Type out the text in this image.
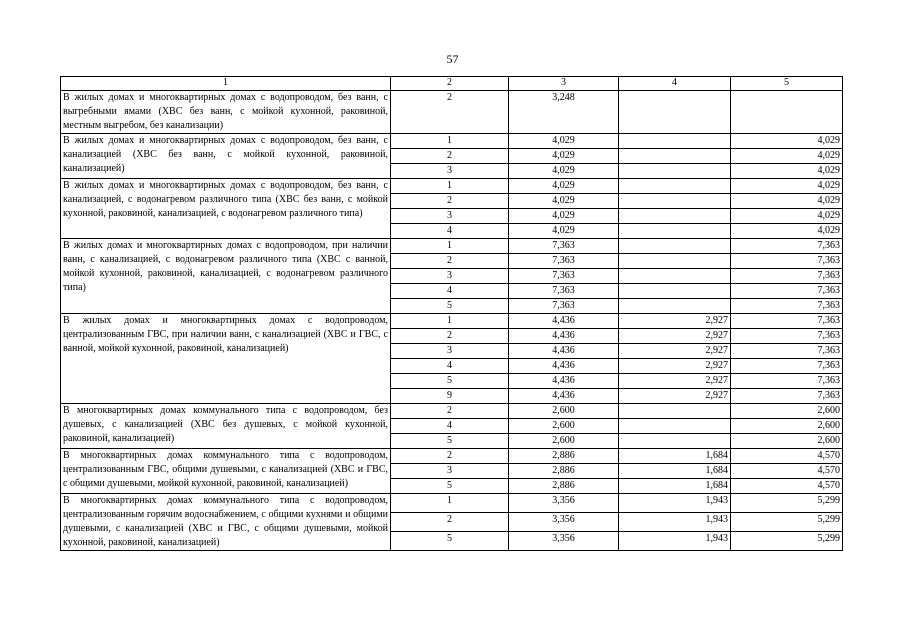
57
1	2	3	4	5
В жилых домах и многоквартирных домах с водопроводом, без ванн, с выгребными ямами (ХВС без ванн, с мойкой кухонной, раковиной, местным выгребом, без канализации)	2	3,248		
В жилых домах и многоквартирных домах с водопроводом, без ванн, с канализацией (ХВС без ванн, с мойкой кухонной, раковиной, канализацией)	1	4,029		4,029
	2	4,029		4,029
	3	4,029		4,029
В жилых домах и многоквартирных домах с водопроводом, без ванн, с канализацией, с водонагревом различного типа (ХВС без ванн, с мойкой кухонной, раковиной, канализацией, с водонагревом различного типа)	1	4,029		4,029
	2	4,029		4,029
	3	4,029		4,029
	4	4,029		4,029
В жилых домах и многоквартирных домах с водопроводом, при наличии ванн, с канализацией, с водонагревом различного типа (ХВС с ванной, мойкой кухонной, раковиной, канализацией, с водонагревом различного типа)	1	7,363		7,363
	2	7,363		7,363
	3	7,363		7,363
	4	7,363		7,363
	5	7,363		7,363
В жилых домах и многоквартирных домах с водопроводом, централизованным ГВС, при наличии ванн, с канализацией (ХВС и ГВС, с ванной, мойкой кухонной, раковиной, канализацией)	1	4,436	2,927	7,363
	2	4,436	2,927	7,363
	3	4,436	2,927	7,363
	4	4,436	2,927	7,363
	5	4,436	2,927	7,363
	9	4,436	2,927	7,363
В многоквартирных домах коммунального типа с водопроводом, без душевых, с канализацией (ХВС без душевых, с мойкой кухонной, раковиной, канализацией)	2	2,600		2,600
	4	2,600		2,600
	5	2,600		2,600
В многоквартирных домах коммунального типа с водопроводом, централизованным ГВС, общими душевыми, с канализацией (ХВС и ГВС, с общими душевыми, мойкой кухонной, раковиной, канализацией)	2	2,886	1,684	4,570
	3	2,886	1,684	4,570
	5	2,886	1,684	4,570
В многоквартирных домах коммунального типа с водопроводом, централизованным горячим водоснабжением, с общими кухнями и общими душевыми, с канализацией (ХВС и ГВС, с общими душевыми, мойкой кухонной, раковиной, канализацией)	1	3,356	1,943	5,299
	2	3,356	1,943	5,299
	5	3,356	1,943	5,299
